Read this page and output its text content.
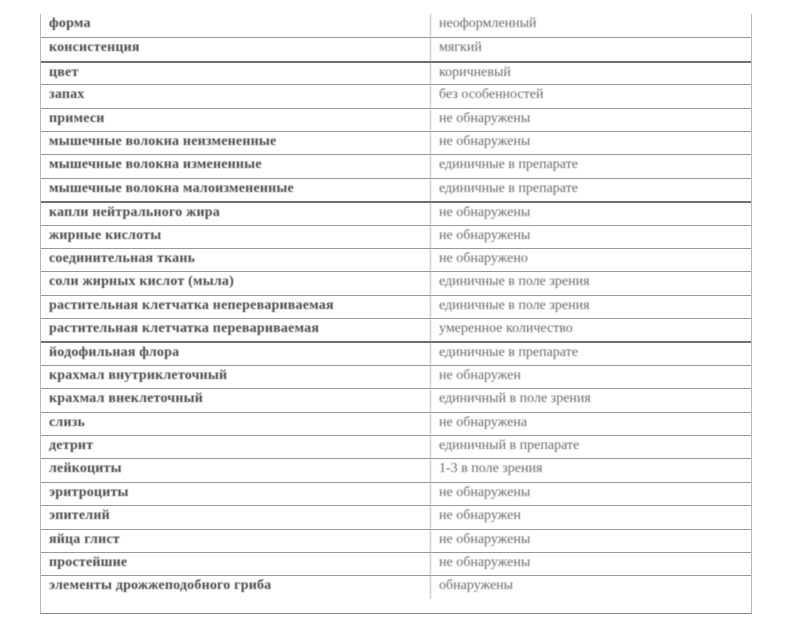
форма	неоформленный
консистенция	мягкий
цвет	коричневый
запах	без особенностей
примеси	не обнаружены
мышечные волокна неизмененные	не обнаружены
мышечные волокна измененные	единичные в препарате
мышечные волокна малоизмененные	единичные в препарате
капли нейтрального жира	не обнаружены
жирные кислоты	не обнаружены
соединительная ткань	не обнаружено
соли жирных кислот (мыла)	единичные в поле зрения
растительная клетчатка неперевариваемая	единичные в поле зрения
растительная клетчатка перевариваемая	умеренное количество
йодофильная флора	единичные в препарате
крахмал внутриклеточный	не обнаружен
крахмал внеклеточный	единичный в поле зрения
слизь	не обнаружена
детрит	единичный в препарате
лейкоциты	1-3 в поле зрения
эритроциты	не обнаружены
эпителий	не обнаружен
яйца глист	не обнаружены
простейшие	не обнаружены
элементы дрожжеподобного гриба	обнаружены
